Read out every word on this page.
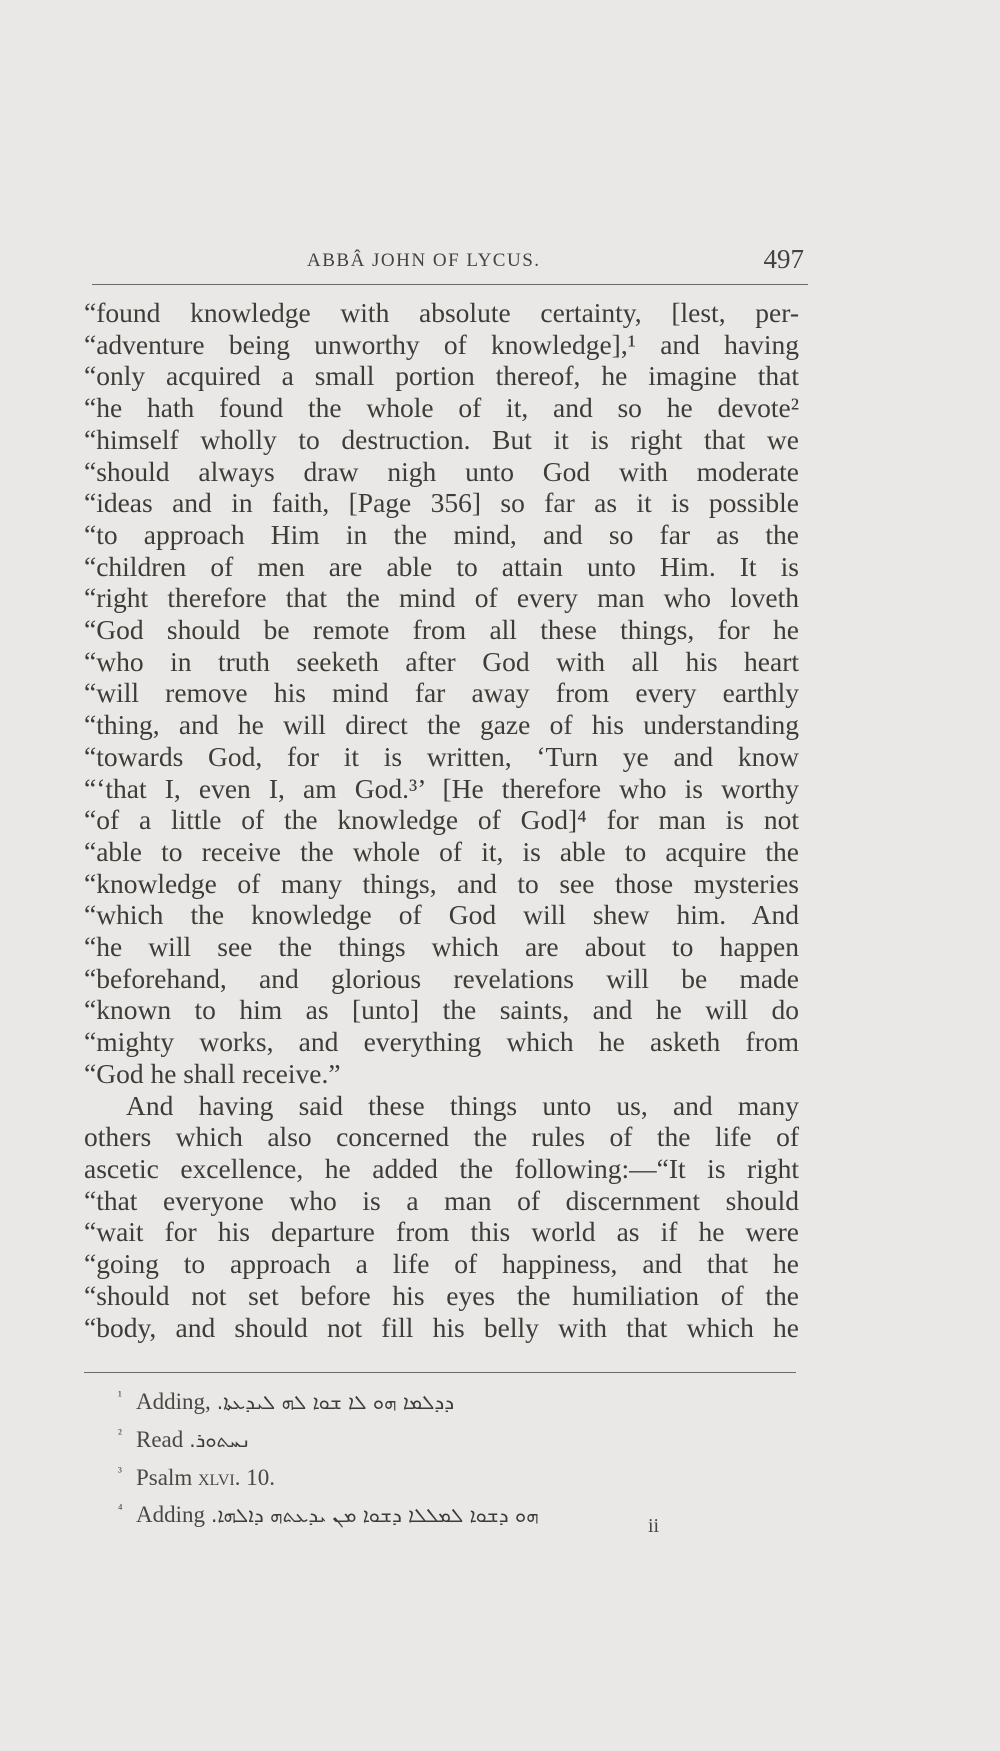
ABBÂ JOHN OF LYCUS.	497
“found knowledge with absolute certainty, [lest, per-
“adventure being unworthy of knowledge],¹ and having
“only acquired a small portion thereof, he imagine that
“he hath found the whole of it, and so he devote²
“himself wholly to destruction. But it is right that we
“should always draw nigh unto God with moderate
“ideas and in faith, [Page 356] so far as it is possible
“to approach Him in the mind, and so far as the
“children of men are able to attain unto Him. It is
“right therefore that the mind of every man who loveth
“God should be remote from all these things, for he
“who in truth seeketh after God with all his heart
“will remove his mind far away from every earthly
“thing, and he will direct the gaze of his understanding
“towards God, for it is written, ‘Turn ye and know
“‘that I, even I, am God.³’ [He therefore who is worthy
“of a little of the knowledge of God]⁴ for man is not
“able to receive the whole of it, is able to acquire the
“knowledge of many things, and to see those mysteries
“which the knowledge of God will shew him. And
“he will see the things which are about to happen
“beforehand, and glorious revelations will be made
“known to him as [unto] the saints, and he will do
“mighty works, and everything which he asketh from
“God he shall receive.”
And having said these things unto us, and many
others which also concerned the rules of the life of
ascetic excellence, he added the following:—“It is right
“that everyone who is a man of discernment should
“wait for his departure from this world as if he were
“going to approach a life of happiness, and that he
“should not set before his eyes the humiliation of the
“body, and should not fill his belly with that which he
¹ Adding, ܕܕܠܡܐ ܗܘ ܠܐ ܫܘܐ ܠܗ ܠܝܕܥܬܐ.
² Read ܢܚܬܘܪ.
³ Psalm xlvi. 10.
⁴ Adding ܗܘ ܕܫܘܐ ܠܡܠܠܐ ܕܫܘܐ ܡܢ ܝܕܥܬܗ ܕܐܠܗܐ.	ii
